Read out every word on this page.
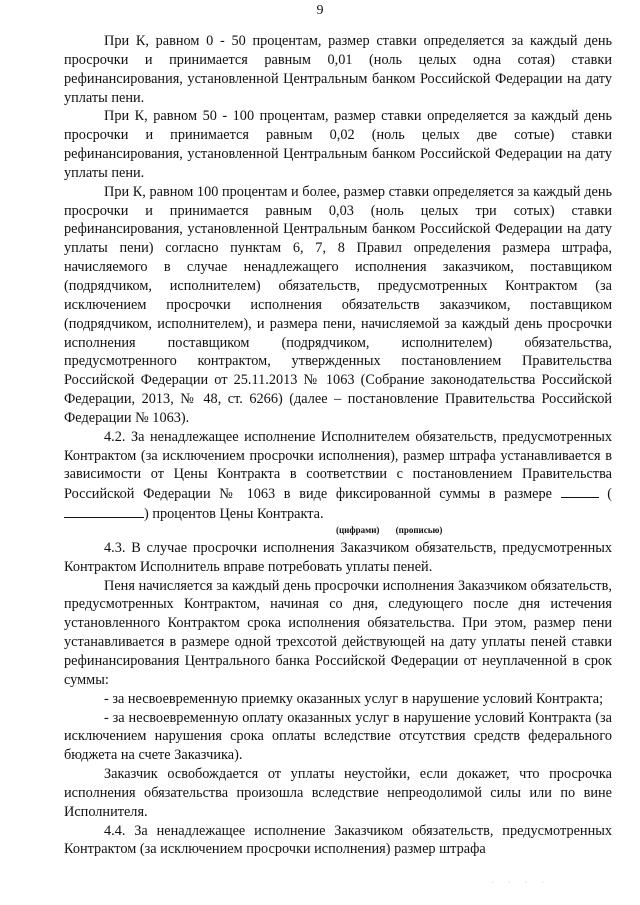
9

При К, равном 0 - 50 процентам, размер ставки определяется за каждый день просрочки и принимается равным 0,01 (ноль целых одна сотая) ставки рефинансирования, установленной Центральным банком Российской Федерации на дату уплаты пени.

При К, равном 50 - 100 процентам, размер ставки определяется за каждый день просрочки и принимается равным 0,02 (ноль целых две сотые) ставки рефинансирования, установленной Центральным банком Российской Федерации на дату уплаты пени.

При К, равном 100 процентам и более, размер ставки определяется за каждый день просрочки и принимается равным 0,03 (ноль целых три сотых) ставки рефинансирования, установленной Центральным банком Российской Федерации на дату уплаты пени) согласно пунктам 6, 7, 8 Правил определения размера штрафа, начисляемого в случае ненадлежащего исполнения заказчиком, поставщиком (подрядчиком, исполнителем) обязательств, предусмотренных Контрактом (за исключением просрочки исполнения обязательств заказчиком, поставщиком (подрядчиком, исполнителем), и размера пени, начисляемой за каждый день просрочки исполнения поставщиком (подрядчиком, исполнителем) обязательства, предусмотренного контрактом, утвержденных постановлением Правительства Российской Федерации от 25.11.2013 № 1063 (Собрание законодательства Российской Федерации, 2013, № 48, ст. 6266) (далее – постановление Правительства Российской Федерации № 1063).

4.2. За ненадлежащее исполнение Исполнителем обязательств, предусмотренных Контрактом (за исключением просрочки исполнения), размер штрафа устанавливается в зависимости от Цены Контракта в соответствии с постановлением Правительства Российской Федерации № 1063 в виде фиксированной суммы в размере	() процентов Цены Контракта.

(цифрами) (прописью)

4.3. В случае просрочки исполнения Заказчиком обязательств, предусмотренных Контрактом Исполнитель вправе потребовать уплаты пеней.

Пеня начисляется за каждый день просрочки исполнения Заказчиком обязательств, предусмотренных Контрактом, начиная со дня, следующего после дня истечения установленного Контрактом срока исполнения обязательства. При этом, размер пени устанавливается в размере одной трехсотой действующей на дату уплаты пеней ставки рефинансирования Центрального банка Российской Федерации от неуплаченной в срок суммы:

- за несвоевременную приемку оказанных услуг в нарушение условий Контракта;

- за несвоевременную оплату оказанных услуг в нарушение условий Контракта (за исключением нарушения срока оплаты вследствие отсутствия средств федерального бюджета на счете Заказчика).

Заказчик освобождается от уплаты неустойки, если докажет, что просрочка исполнения обязательства произошла вследствие непреодолимой силы или по вине Исполнителя.

4.4. За ненадлежащее исполнение Заказчиком обязательств, предусмотренных Контрактом (за исключением просрочки исполнения) размер штрафа

· · · ·
